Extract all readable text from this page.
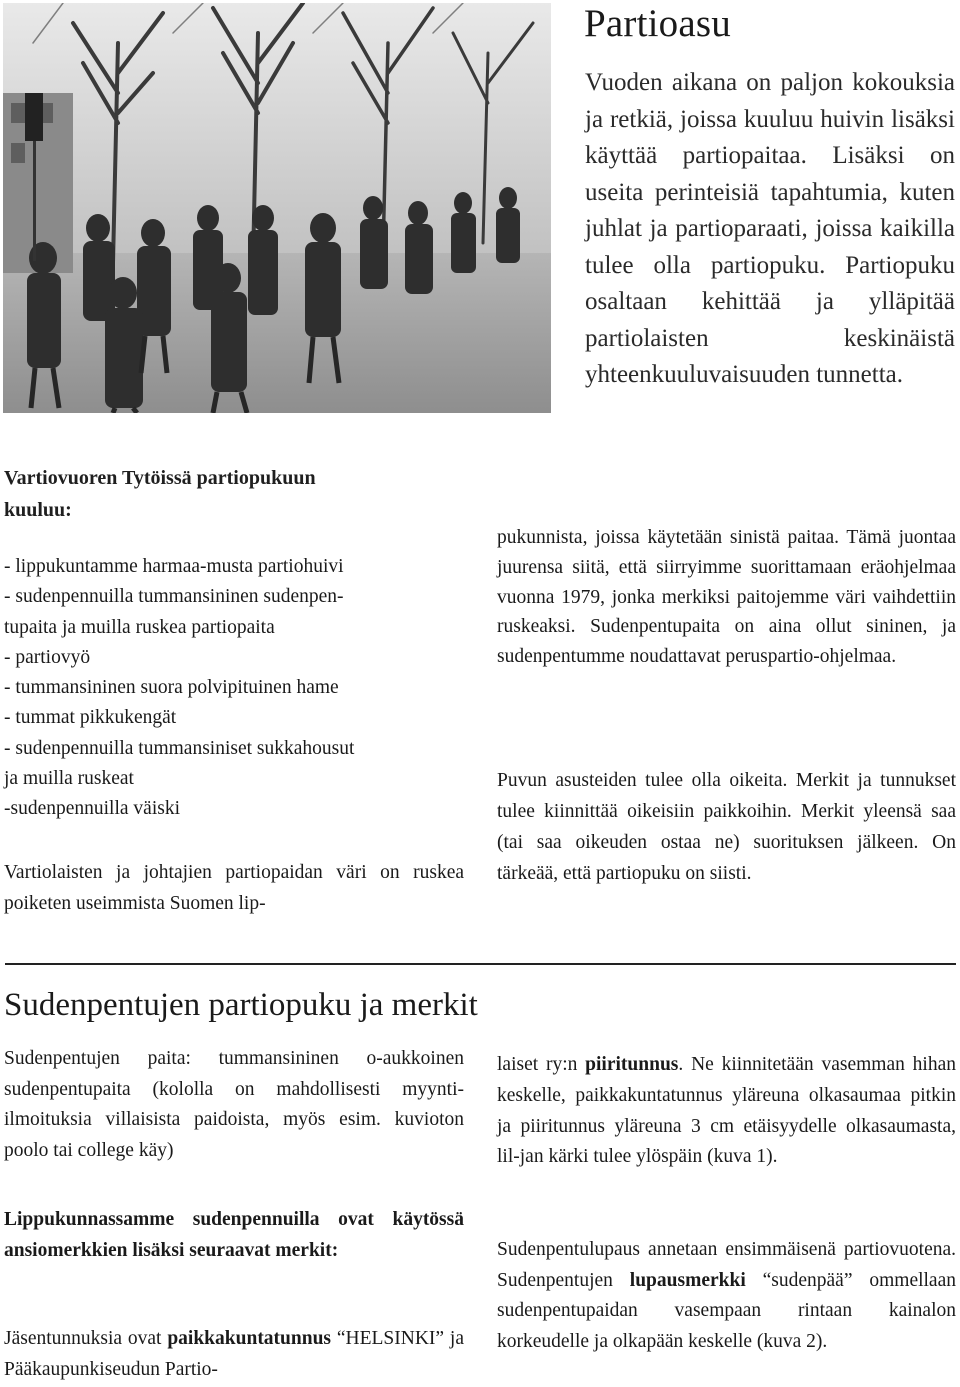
Partioasu

Vuoden aikana on paljon kokouksia ja retkiä, joissa kuuluu huivin lisäksi käyttää partiopaitaa. Lisäksi on useita perinteisiä tapahtumia, kuten juhlat ja partioparaati, joissa kaikilla tulee olla partiopuku. Partiopuku osaltaan kehittää ja ylläpitää partiolaisten keskinäistä yhteenkuuluvaisuuden tunnetta.

Vartiovuoren Tytöissä partiopukuun
kuuluu:
- lippukuntamme harmaa-musta partiohuivi
- sudenpennuilla tummansininen sudenpen-
tupaita ja muilla ruskea partiopaita
- partiovyö
- tummansininen suora polvipituinen hame
- tummat pikkukengät
- sudenpennuilla tummansiniset sukkahousut
ja muilla ruskeat
-sudenpennuilla väiski

Vartiolaisten ja johtajien partiopaidan väri on ruskea poiketen useimmista Suomen lip-

pukunnista, joissa käytetään sinistä paitaa. Tämä juontaa juurensa siitä, että siirryimme suorittamaan eräohjelmaa vuonna 1979, jonka merkiksi paitojemme väri vaihdettiin ruskeaksi. Sudenpentupaita on aina ollut sininen, ja sudenpentumme noudattavat peruspartio-ohjelmaa.

Puvun asusteiden tulee olla oikeita. Merkit ja tunnukset tulee kiinnittää oikeisiin paikkoihin. Merkit yleensä saa (tai saa oikeuden ostaa ne) suorituksen jälkeen. On tärkeää, että partiopuku on siisti.

Sudenpentujen partiopuku ja merkit

Sudenpentujen paita: tummansininen o-aukkoinen sudenpentupaita (kololla on mahdollisesti myynti-ilmoituksia villaisista paidoista, myös esim. kuvioton poolo tai college käy)

Lippukunnassamme sudenpennuilla ovat käytössä ansiomerkkien lisäksi seuraavat merkit:

Jäsentunnuksia ovat paikkakuntatunnus “HELSINKI” ja Pääkaupunkiseudun Partio-

laiset ry:n piiritunnus. Ne kiinnitetään vasemman hihan keskelle, paikkakuntatunnus yläreuna olkasaumaa pitkin ja piiritunnus yläreuna 3 cm etäisyydelle olkasaumasta, lil-jan kärki tulee ylöspäin (kuva 1).

Sudenpentulupaus annetaan ensimmäisenä partiovuotena. Sudenpentujen lupausmerkki “sudenpää” ommellaan sudenpentupaidan vasempaan rintaan kainalon korkeudelle ja olkapään keskelle (kuva 2).
